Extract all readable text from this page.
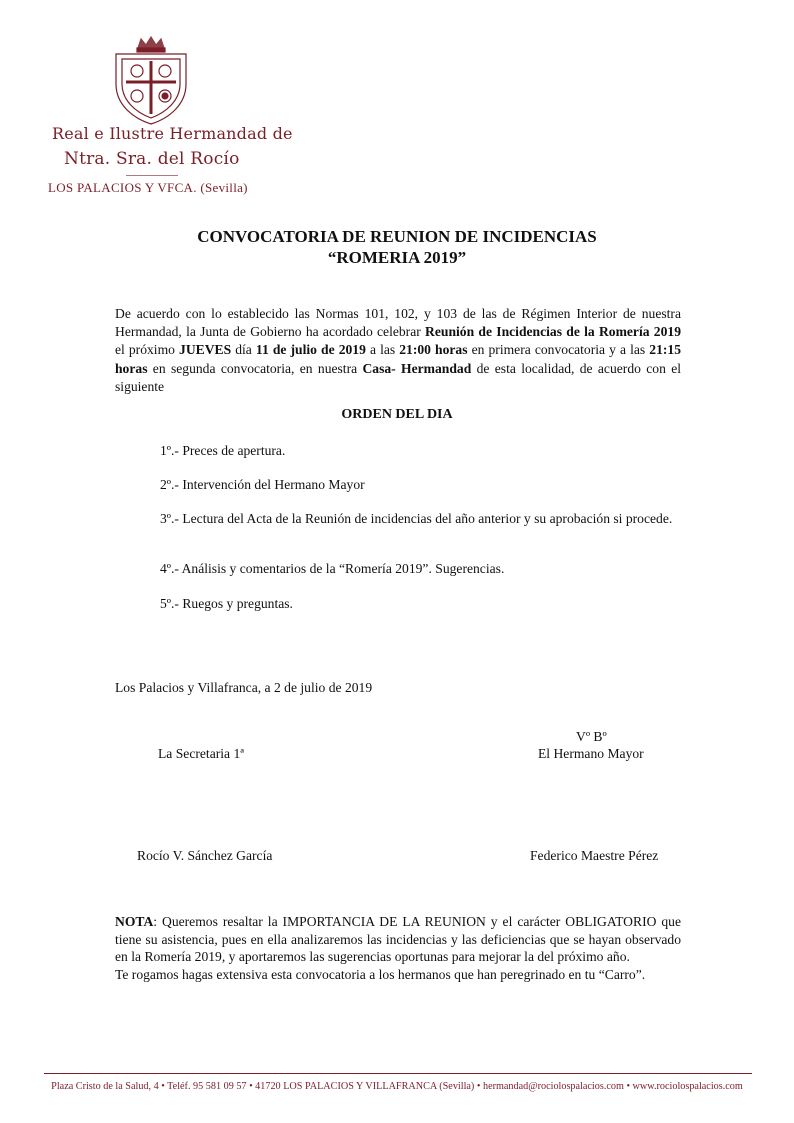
Real e Ilustre Hermandad de
Ntra. Sra. del Rocío
LOS PALACIOS Y VFCA. (Sevilla)
CONVOCATORIA DE REUNION DE INCIDENCIAS
“ROMERIA 2019”
De acuerdo con lo establecido las Normas 101, 102, y 103 de las de Régimen Interior de nuestra Hermandad, la Junta de Gobierno ha acordado celebrar Reunión de Incidencias de la Romería 2019 el próximo JUEVES día 11 de julio de 2019 a las 21:00 horas en primera convocatoria y a las 21:15 horas en segunda convocatoria, en nuestra Casa- Hermandad de esta localidad, de acuerdo con el siguiente
ORDEN DEL DIA
1º.- Preces de apertura.
2º.- Intervención del Hermano Mayor
3º.- Lectura del Acta de la Reunión de incidencias del año anterior y su aprobación si procede.
4º.- Análisis y comentarios de la “Romería 2019”. Sugerencias.
5º.- Ruegos y preguntas.
Los Palacios y Villafranca, a 2 de julio de 2019
Vº Bº
La Secretaria 1ª	El Hermano Mayor
Rocío V. Sánchez García	Federico Maestre Pérez

NOTA: Queremos resaltar la IMPORTANCIA DE LA REUNION y el carácter OBLIGATORIO que tiene su asistencia, pues en ella analizaremos las incidencias y las deficiencias que se hayan observado en la Romería 2019, y aportaremos las sugerencias oportunas para mejorar la del próximo año.

Te rogamos hagas extensiva esta convocatoria a los hermanos que han peregrinado en tu “Carro”.

Plaza Cristo de la Salud, 4 • Teléf. 95 581 09 57 • 41720 LOS PALACIOS Y VILLAFRANCA (Sevilla) • hermandad@rociolospalacios.com • www.rociolospalacios.com
